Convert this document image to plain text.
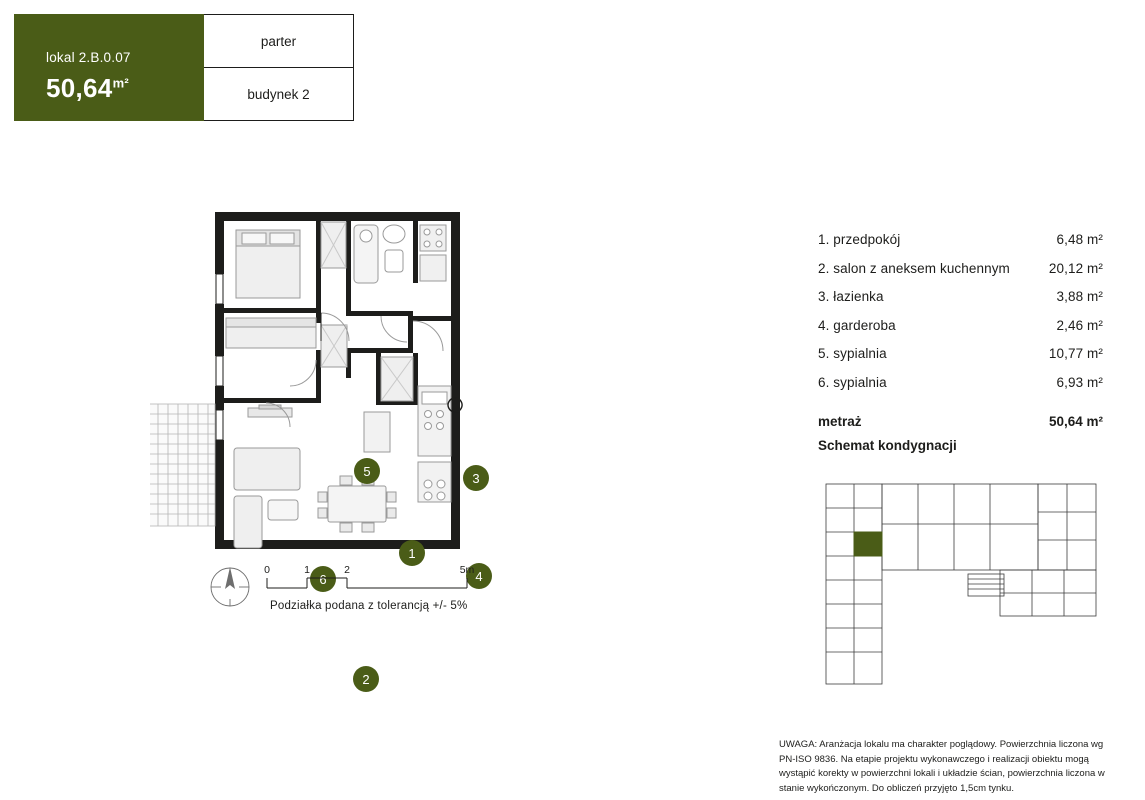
lokal 2.B.0.07
$50,64^{m^2}$
parter
budynek 2
1
2
3
4
5
6
0	1	2	5m
Podziałka podana z tolerancją +/- 5%
1. przedpokój	6,48 m²
2. salon z aneksem kuchennym	20,12 m²
3. łazienka	3,88 m²
4. garderoba	2,46 m²
5. sypialnia	10,77 m²
6. sypialnia	6,93 m²
metraż	50,64 m²
Schemat kondygnacji
UWAGA: Aranżacja lokalu ma charakter poglądowy. Powierzchnia liczona wg PN-ISO 9836. Na etapie projektu wykonawczego i realizacji obiektu mogą wystąpić korekty w powierzchni lokali i układzie ścian, powierzchnia liczona w stanie wykończonym. Do obliczeń przyjęto 1,5cm tynku.
